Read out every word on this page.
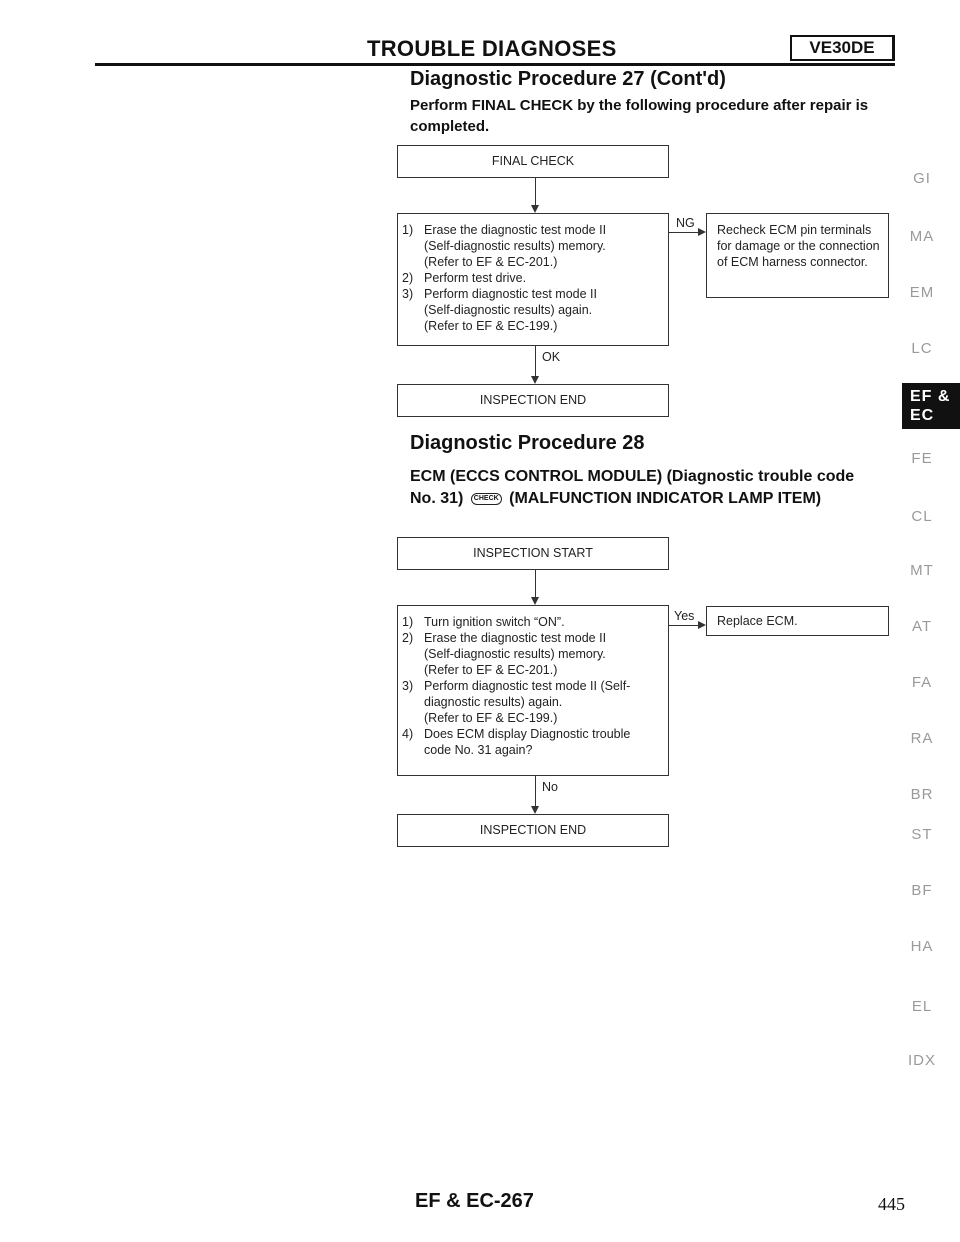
TROUBLE DIAGNOSES	VE30DE
Diagnostic Procedure 27 (Cont'd)
Perform FINAL CHECK by the following procedure after repair is completed.
FINAL CHECK
1) Erase the diagnostic test mode II
(Self-diagnostic results) memory.
(Refer to EF & EC-201.)
2) Perform test drive.
3) Perform diagnostic test mode II
(Self-diagnostic results) again.
(Refer to EF & EC-199.)
NG	Recheck ECM pin terminals for damage or the connection of ECM harness connector.
OK
INSPECTION END
Diagnostic Procedure 28
ECM (ECCS CONTROL MODULE) (Diagnostic trouble code No. 31) CHECK (MALFUNCTION INDICATOR LAMP ITEM)
INSPECTION START
1) Turn ignition switch “ON”.
2) Erase the diagnostic test mode II
(Self-diagnostic results) memory.
(Refer to EF & EC-201.)
3) Perform diagnostic test mode II (Self-
diagnostic results) again.
(Refer to EF & EC-199.)
4) Does ECM display Diagnostic trouble
code No. 31 again?
Yes	Replace ECM.
No
INSPECTION END
GI
MA
EM
LC
EF & EC
FE
CL
MT
AT
FA
RA
BR
ST
BF
HA
EL
IDX
EF & EC-267	445
